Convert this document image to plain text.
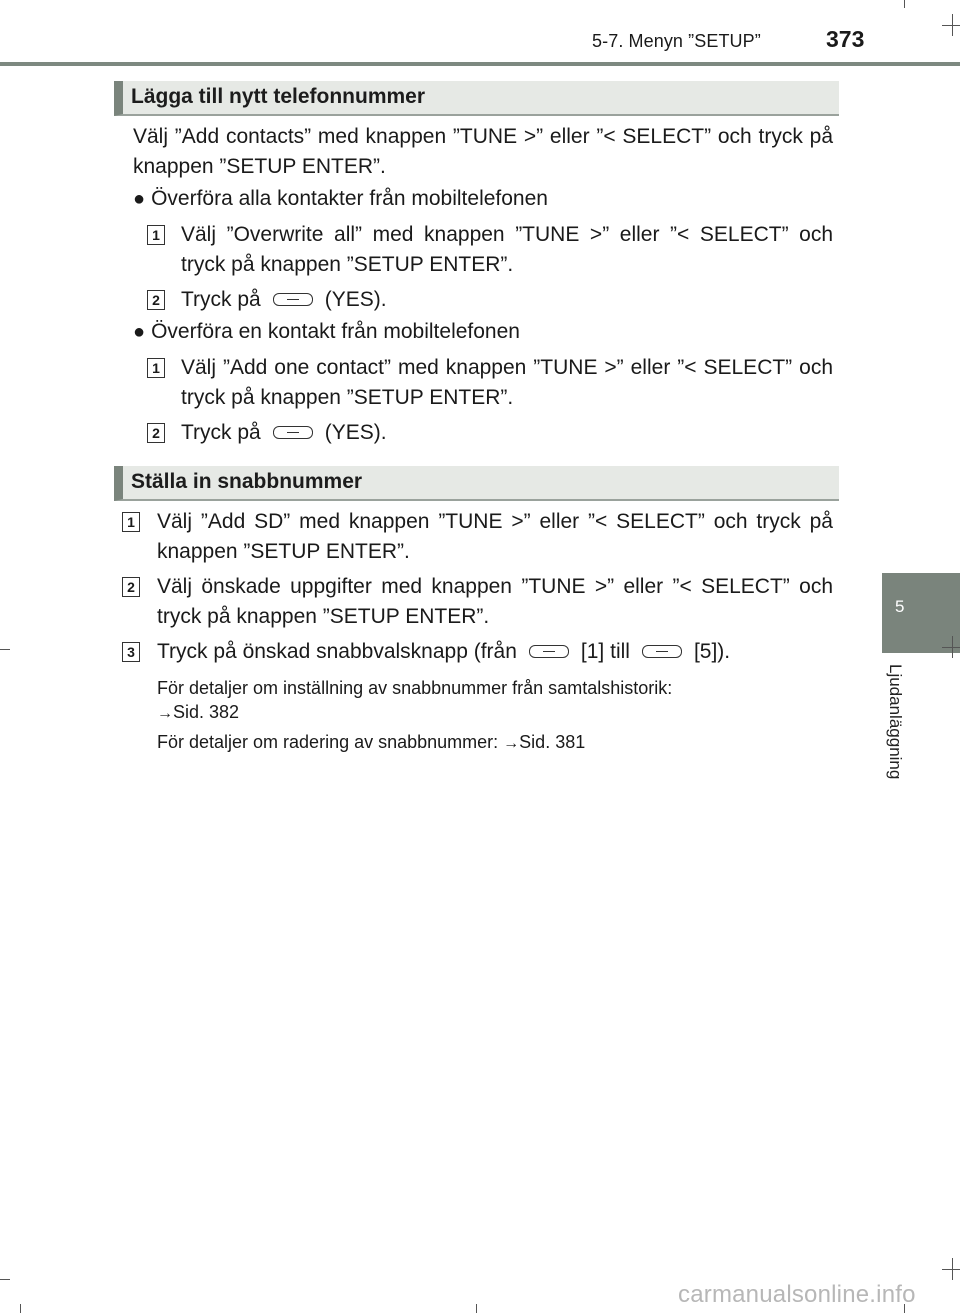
5-7. Menyn ”SETUP”	373
5
Ljudanläggning
Lägga till nytt telefonnummer
Välj ”Add contacts” med knappen ”TUNE >” eller ”< SELECT” och tryck på knappen ”SETUP ENTER”.
● Överföra alla kontakter från mobiltelefonen
1 Välj ”Overwrite all” med knappen ”TUNE >” eller ”< SELECT” och tryck på knappen ”SETUP ENTER”.
2 Tryck på	(YES).
● Överföra en kontakt från mobiltelefonen
1 Välj ”Add one contact” med knappen ”TUNE >” eller ”< SELECT” och tryck på knappen ”SETUP ENTER”.
2 Tryck på	(YES).
Ställa in snabbnummer
1 Välj ”Add SD” med knappen ”TUNE >” eller ”< SELECT” och tryck på knappen ”SETUP ENTER”.
2 Välj önskade uppgifter med knappen ”TUNE >” eller ”< SELECT” och tryck på knappen ”SETUP ENTER”.
3 Tryck på önskad snabbvalsknapp (från	[1] till	[5]).
För detaljer om inställning av snabbnummer från samtalshistorik:
→Sid. 382
För detaljer om radering av snabbnummer: →Sid. 381
carmanualsonline.info
